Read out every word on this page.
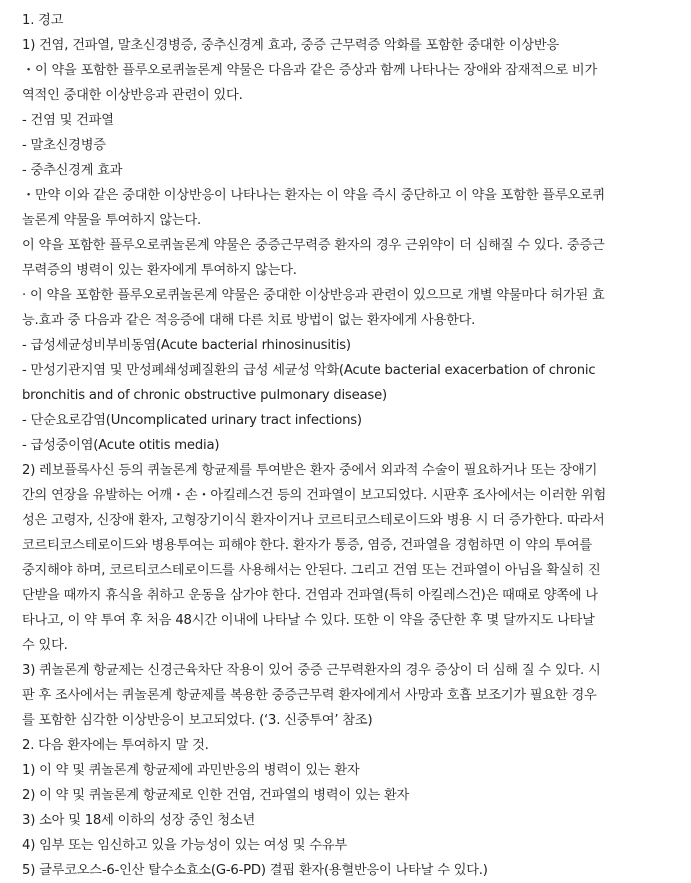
1. 경고
1) 건염, 건파열, 말초신경병증, 중추신경계 효과, 중증 근무력증 악화를 포함한 중대한 이상반응
・이 약을 포함한 플루오로퀴놀론계 약물은 다음과 같은 증상과 함께 나타나는 장애와 잠재적으로 비가
역적인 중대한 이상반응과 관련이 있다.
- 건염 및 건파열
- 말초신경병증
- 중추신경계 효과
・만약 이와 같은 중대한 이상반응이 나타나는 환자는 이 약을 즉시 중단하고 이 약을 포함한 플루오로퀴
놀론계 약물을 투여하지 않는다.
이 약을 포함한 플루오로퀴놀론계 약물은 중증근무력증 환자의 경우 근위약이 더 심해질 수 있다. 중증근
무력증의 병력이 있는 환자에게 투여하지 않는다.
· 이 약을 포함한 플루오로퀴놀론계 약물은 중대한 이상반응과 관련이 있으므로 개별 약물마다 허가된 효
능.효과 중 다음과 같은 적응증에 대해 다른 치료 방법이 없는 환자에게 사용한다.
- 급성세균성비부비동염(Acute bacterial rhinosinusitis)
- 만성기관지염 및 만성폐쇄성폐질환의 급성 세균성 악화(Acute bacterial exacerbation of chronic
bronchitis and of chronic obstructive pulmonary disease)
- 단순요로감염(Uncomplicated urinary tract infections)
- 급성중이염(Acute otitis media)
2) 레보플록사신 등의 퀴놀론계 항균제를 투여받은 환자 중에서 외과적 수술이 필요하거나 또는 장애기
간의 연장을 유발하는 어깨・손・아킬레스건 등의 건파열이 보고되었다. 시판후 조사에서는 이러한 위험
성은 고령자, 신장애 환자, 고형장기이식 환자이거나 코르티코스테로이드와 병용 시 더 증가한다. 따라서
코르티코스테로이드와 병용투여는 피해야 한다. 환자가 통증, 염증, 건파열을 경험하면 이 약의 투여를
중지해야 하며, 코르티코스테로이드를 사용해서는 안된다. 그리고 건염 또는 건파열이 아님을 확실히 진
단받을 때까지 휴식을 취하고 운동을 삼가야 한다. 건염과 건파열(특히 아킬레스건)은 때때로 양쪽에 나
타나고, 이 약 투여 후 처음 48시간 이내에 나타날 수 있다. 또한 이 약을 중단한 후 몇 달까지도 나타날
수 있다.
3) 퀴놀론계 항균제는 신경근육차단 작용이 있어 중증 근무력환자의 경우 증상이 더 심해 질 수 있다. 시
판 후 조사에서는 퀴놀론계 항균제를 복용한 중증근무력 환자에게서 사망과 호흡 보조기가 필요한 경우
를 포함한 심각한 이상반응이 보고되었다. (‘3. 신중투여’ 참조)
2. 다음 환자에는 투여하지 말 것.
1) 이 약 및 퀴놀론계 항균제에 과민반응의 병력이 있는 환자
2) 이 약 및 퀴놀론계 항균제로 인한 건염, 건파열의 병력이 있는 환자
3) 소아 및 18세 이하의 성장 중인 청소년
4) 임부 또는 임신하고 있을 가능성이 있는 여성 및 수유부
5) 글루코오스-6-인산 탈수소효소(G-6-PD) 결핍 환자(용혈반응이 나타날 수 있다.)
